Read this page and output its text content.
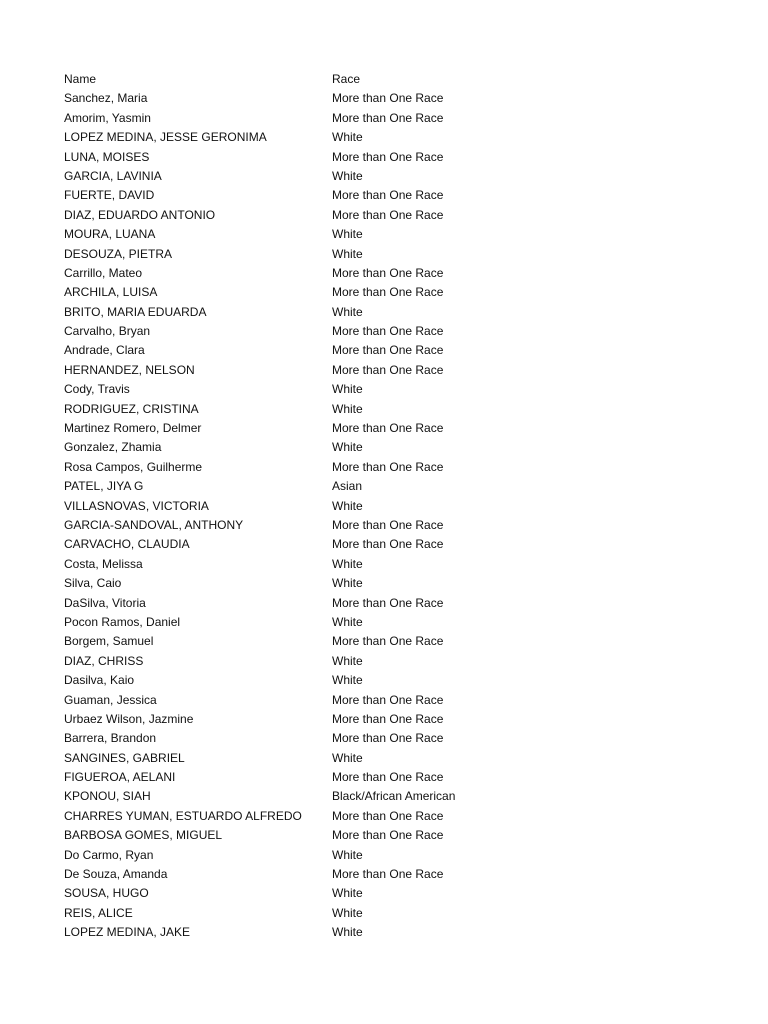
Name	Race
Sanchez, Maria	More than One Race
Amorim, Yasmin	More than One Race
LOPEZ MEDINA, JESSE GERONIMA	White
LUNA, MOISES	More than One Race
GARCIA, LAVINIA	White
FUERTE, DAVID	More than One Race
DIAZ, EDUARDO ANTONIO	More than One Race
MOURA, LUANA	White
DESOUZA, PIETRA	White
Carrillo, Mateo	More than One Race
ARCHILA, LUISA	More than One Race
BRITO, MARIA EDUARDA	White
Carvalho, Bryan	More than One Race
Andrade, Clara	More than One Race
HERNANDEZ, NELSON	More than One Race
Cody, Travis	White
RODRIGUEZ, CRISTINA	White
Martinez Romero, Delmer	More than One Race
Gonzalez, Zhamia	White
Rosa Campos, Guilherme	More than One Race
PATEL, JIYA G	Asian
VILLASNOVAS, VICTORIA	White
GARCIA-SANDOVAL, ANTHONY	More than One Race
CARVACHO, CLAUDIA	More than One Race
Costa, Melissa	White
Silva, Caio	White
DaSilva, Vitoria	More than One Race
Pocon Ramos, Daniel	White
Borgem, Samuel	More than One Race
DIAZ, CHRISS	White
Dasilva, Kaio	White
Guaman, Jessica	More than One Race
Urbaez Wilson, Jazmine	More than One Race
Barrera, Brandon	More than One Race
SANGINES, GABRIEL	White
FIGUEROA, AELANI	More than One Race
KPONOU, SIAH	Black/African American
CHARRES YUMAN, ESTUARDO ALFREDO	More than One Race
BARBOSA GOMES, MIGUEL	More than One Race
Do Carmo, Ryan	White
De Souza, Amanda	More than One Race
SOUSA, HUGO	White
REIS, ALICE	White
LOPEZ MEDINA, JAKE	White
